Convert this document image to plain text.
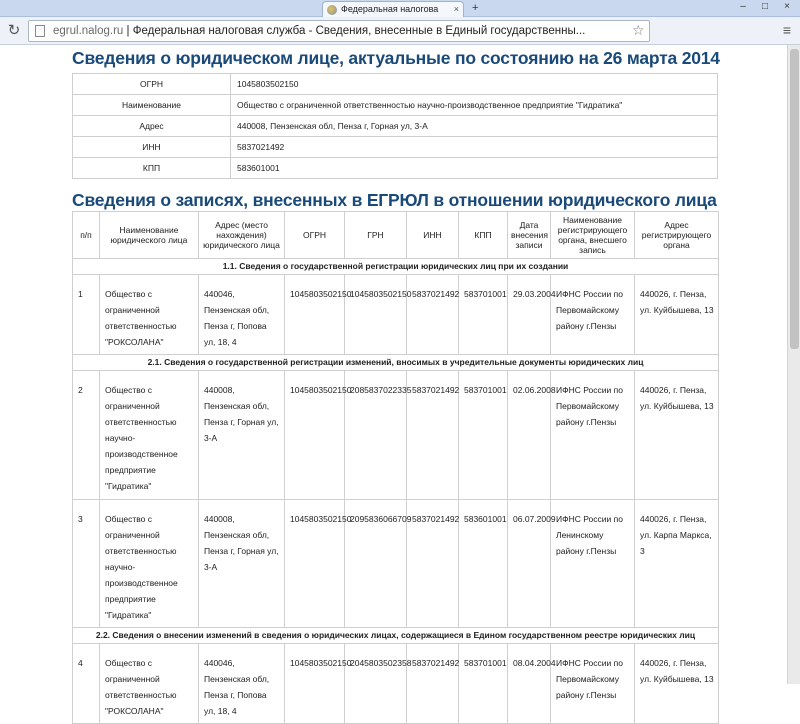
Федеральная налогова × +	–	□	×
↻	egrul.nalog.ru | Федеральная налоговая служба - Сведения, внесенные в Единый государственны...	☆	≡
Сведения о юридическом лице, актуальные по состоянию на 26 марта 2014
ОГРН	1045803502150
Наименование	Общество с ограниченной ответственностью научно-производственное предприятие "Гидратика"
Адрес	440008, Пензенская обл, Пенза г, Горная ул, 3-А
ИНН	5837021492
КПП	583601001
Сведения о записях, внесенных в ЕГРЮЛ в отношении юридического лица
п/п	Наименование юридического лица	Адрес (место нахождения) юридического лица	ОГРН	ГРН	ИНН	КПП	Дата внесения записи	Наименование регистрирующего органа, внесшего запись	Адрес регистрирующего органа
1.1. Сведения о государственной регистрации юридических лиц при их создании									
1	Общество с ограниченной ответственностью "РОКСОЛАНА"	440046, Пензенская обл, Пенза г, Попова ул, 18, 4	1045803502150	1045803502150	5837021492	583701001	29.03.2004	ИФНС России по Первомайскому району г.Пензы	440026, г. Пенза, ул. Куйбышева, 13
2.1. Сведения о государственной регистрации изменений, вносимых в учредительные документы юридических лиц									
2	Общество с ограниченной ответственностью научно-производственное предприятие "Гидратика"	440008, Пензенская обл, Пенза г, Горная ул, 3-А	1045803502150	2085837022335	5837021492	583701001	02.06.2008	ИФНС России по Первомайскому району г.Пензы	440026, г. Пенза, ул. Куйбышева, 13
3	Общество с ограниченной ответственностью научно-производственное предприятие "Гидратика"	440008, Пензенская обл, Пенза г, Горная ул, 3-А	1045803502150	2095836066709	5837021492	583601001	06.07.2009	ИФНС России по Ленинскому району г.Пензы	440026, г. Пенза, ул. Карпа Маркса, 3
2.2. Сведения о внесении изменений в сведения о юридических лицах, содержащиеся в Едином государственном реестре юридических лиц									
4	Общество с ограниченной ответственностью "РОКСОЛАНА"	440046, Пензенская обл, Пенза г, Попова ул, 18, 4	1045803502150	2045803502358	5837021492	583701001	08.04.2004	ИФНС России по Первомайскому району г.Пензы	440026, г. Пенза, ул. Куйбышева, 13
